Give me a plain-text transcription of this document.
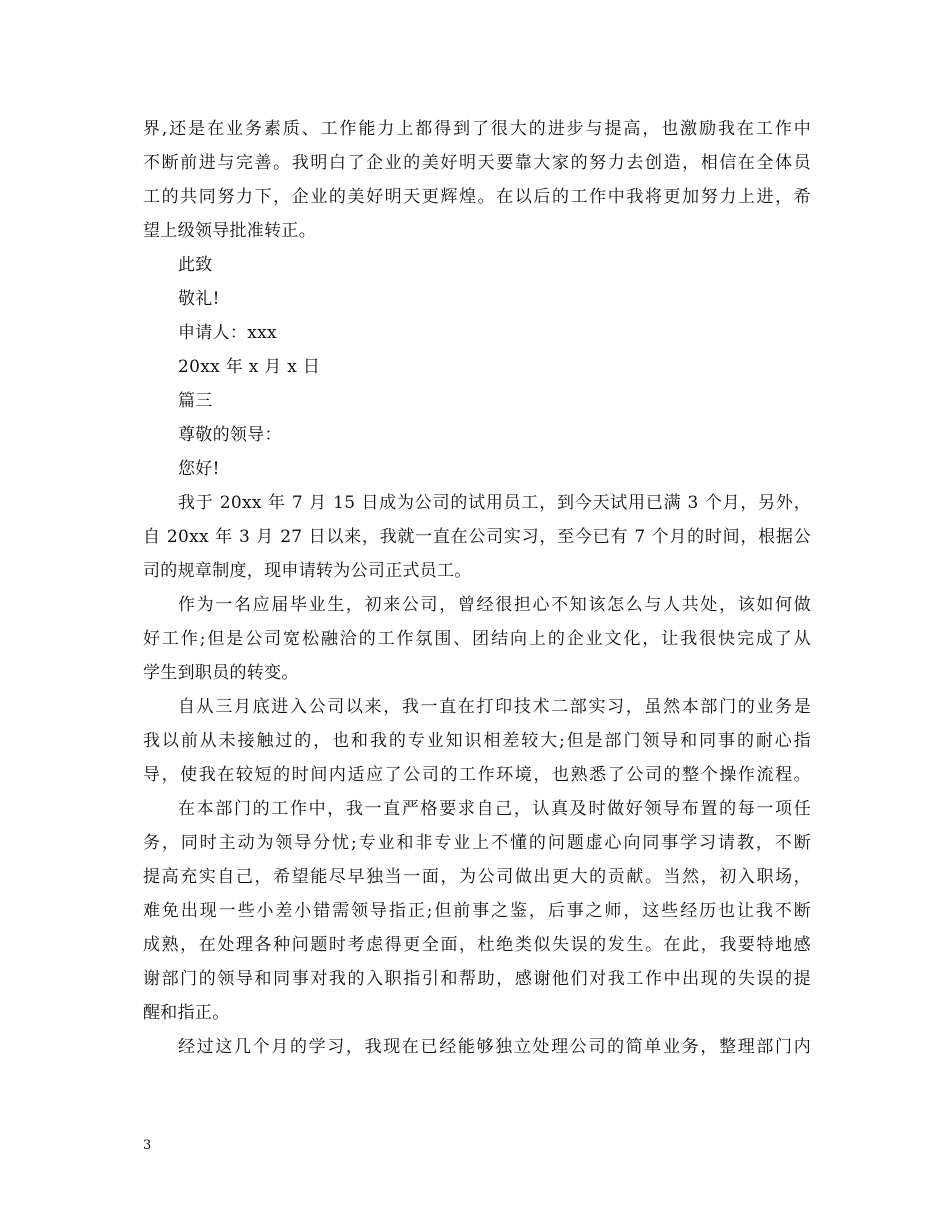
界,还是在业务素质、工作能力上都得到了很大的进步与提高，也激励我在工作中
不断前进与完善。我明白了企业的美好明天要靠大家的努力去创造，相信在全体员
工的共同努力下，企业的美好明天更辉煌。在以后的工作中我将更加努力上进，希
望上级领导批准转正。
此致
敬礼!
申请人：xxx
20xx 年 x 月 x 日
篇三
尊敬的领导：
您好!
我于 20xx 年 7 月 15 日成为公司的试用员工，到今天试用已满 3 个月，另外，
自 20xx 年 3 月 27 日以来，我就一直在公司实习，至今已有 7 个月的时间，根据公
司的规章制度，现申请转为公司正式员工。
作为一名应届毕业生，初来公司，曾经很担心不知该怎么与人共处，该如何做
好工作;但是公司宽松融洽的工作氛围、团结向上的企业文化，让我很快完成了从
学生到职员的转变。
自从三月底进入公司以来，我一直在打印技术二部实习，虽然本部门的业务是
我以前从未接触过的，也和我的专业知识相差较大;但是部门领导和同事的耐心指
导，使我在较短的时间内适应了公司的工作环境，也熟悉了公司的整个操作流程。
在本部门的工作中，我一直严格要求自己，认真及时做好领导布置的每一项任
务，同时主动为领导分忧;专业和非专业上不懂的问题虚心向同事学习请教，不断
提高充实自己，希望能尽早独当一面，为公司做出更大的贡献。当然，初入职场，
难免出现一些小差小错需领导指正;但前事之鉴，后事之师，这些经历也让我不断
成熟，在处理各种问题时考虑得更全面，杜绝类似失误的发生。在此，我要特地感
谢部门的领导和同事对我的入职指引和帮助，感谢他们对我工作中出现的失误的提
醒和指正。
经过这几个月的学习，我现在已经能够独立处理公司的简单业务，整理部门内
3
